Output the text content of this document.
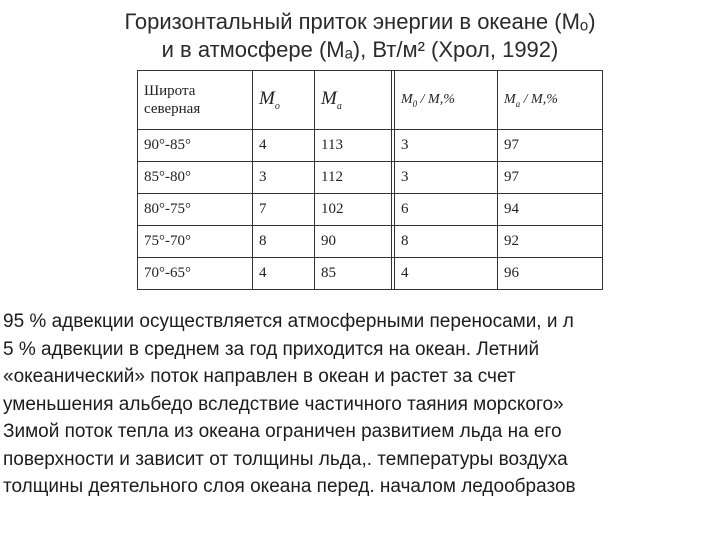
Горизонтальный приток энергии в океане (Mₒ)
и в атмосфере (Mₐ), Вт/м² (Хрол, 1992)
Широта
северная	$M_o$	$M_a$		$M_0 / M,\%$	$M_a / M,\%$
90°-85°	4	113		3	97
85°-80°	3	112		3	97
80°-75°	7	102		6	94
75°-70°	8	90		8	92
70°-65°	4	85		4	96
95 % адвекции осуществляется атмосферными переносами, и л
5 % адвекции в среднем за год приходится на океан. Летний
«океанический» поток направлен в океан и растет за счет
уменьшения альбедо вследствие частичного таяния морского»
Зимой поток тепла из океана ограничен развитием льда на его
поверхности и зависит от толщины льда,. температуры воздуха
толщины деятельного слоя океана перед. началом ледообразов
